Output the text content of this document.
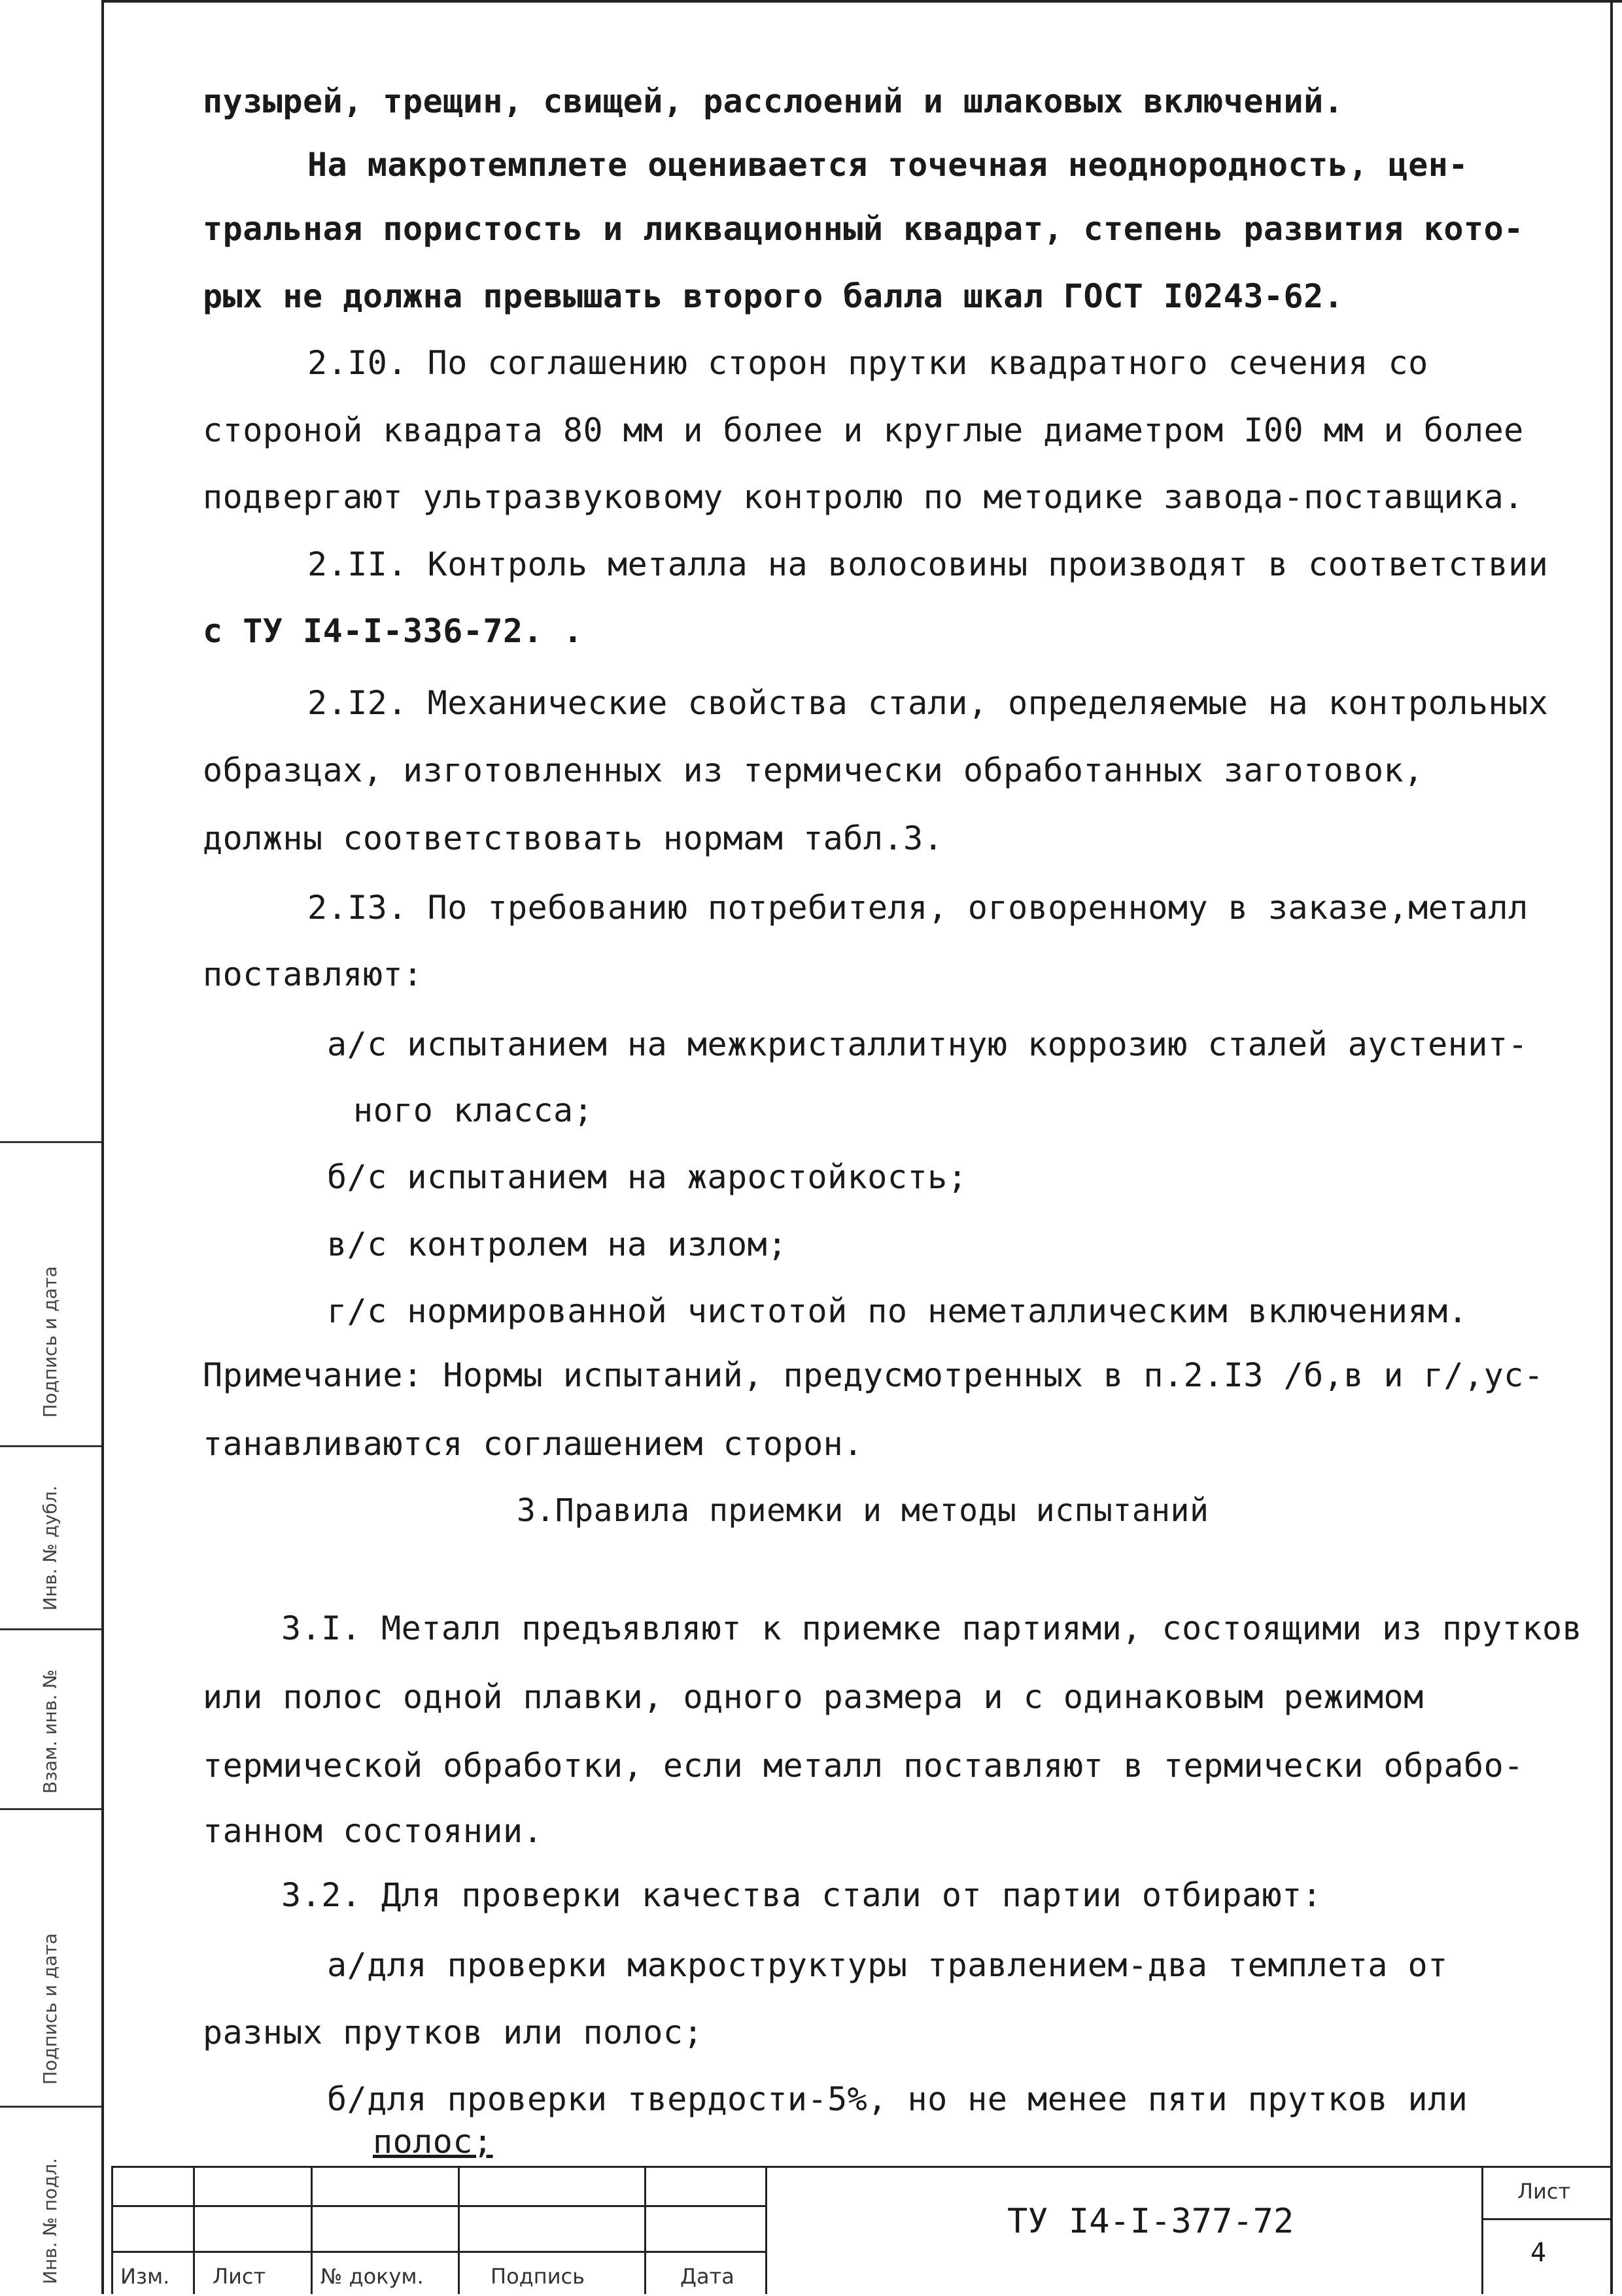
пузырей, трещин, свищей, расслоений и шлаковых включений.
На макротемплете оценивается точечная неоднородность, цен-
тральная пористость и ликвационный квадрат, степень развития кото-
рых не должна превышать второго балла шкал ГОСТ I0243-62.
2.I0. По соглашению сторон прутки квадратного сечения со
стороной квадрата 80 мм и более и круглые диаметром I00 мм и более
подвергают ультразвуковому контролю по методике завода-поставщика.
2.II. Контроль металла на волосовины производят в соответствии
с ТУ I4-I-336-72. .
2.I2. Механические свойства стали, определяемые на контрольных
образцах, изготовленных из термически обработанных заготовок,
должны соответствовать нормам табл.3.
2.I3. По требованию потребителя, оговоренному в заказе,металл
поставляют:
а/с испытанием на межкристаллитную коррозию сталей аустенит-
ного класса;
б/с испытанием на жаростойкость;
в/с контролем на излом;
г/с нормированной чистотой по неметаллическим включениям.
Примечание: Нормы испытаний, предусмотренных в п.2.I3 /б,в и г/,ус-
танавливаются соглашением сторон.
3.Правила приемки и методы испытаний
3.I. Металл предъявляют к приемке партиями, состоящими из прутков
или полос одной плавки, одного размера и с одинаковым режимом
термической обработки, если металл поставляют в термически обрабо-
танном состоянии.
3.2. Для проверки качества стали от партии отбирают:
а/для проверки макроструктуры травлением-два темплета от
разных прутков или полос;
б/для проверки твердости-5%, но не менее пяти прутков или
полос;
Подпись и дата
Инв. № дубл.
Взам. инв. №
Подпись и дата
Инв. № подл.	Изм. Лист	№ докум.	Подпись	Дата
ТУ I4-I-377-72
Лист
4
